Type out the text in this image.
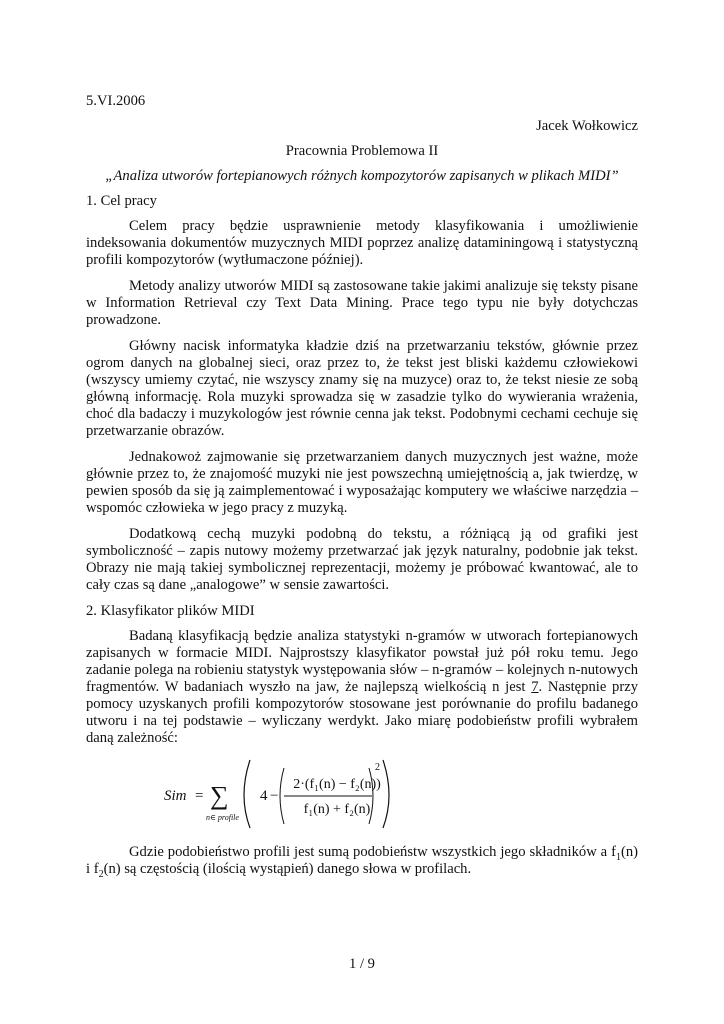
5.VI.2006
Jacek Wołkowicz
Pracownia Problemowa II
„Analiza utworów fortepianowych różnych kompozytorów zapisanych w plikach MIDI”
1. Cel pracy

Celem pracy będzie usprawnienie metody klasyfikowania i umożliwienie indeksowania dokumentów muzycznych MIDI poprzez analizę dataminingową i statystyczną profili kompozytorów (wytłumaczone później).

Metody analizy utworów MIDI są zastosowane takie jakimi analizuje się teksty pisane w Information Retrieval czy Text Data Mining. Prace tego typu nie były dotychczas prowadzone.

Główny nacisk informatyka kładzie dziś na przetwarzaniu tekstów, głównie przez ogrom danych na globalnej sieci, oraz przez to, że tekst jest bliski każdemu człowiekowi (wszyscy umiemy czytać, nie wszyscy znamy się na muzyce) oraz to, że tekst niesie ze sobą główną informację. Rola muzyki sprowadza się w zasadzie tylko do wywierania wrażenia, choć dla badaczy i muzykologów jest równie cenna jak tekst. Podobnymi cechami cechuje się przetwarzanie obrazów.

Jednakowoż zajmowanie się przetwarzaniem danych muzycznych jest ważne, może głównie przez to, że znajomość muzyki nie jest powszechną umiejętnością a, jak twierdzę, w pewien sposób da się ją zaimplementować i wyposażając komputery we właściwe narzędzia – wspomóc człowieka w jego pracy z muzyką.

Dodatkową cechą muzyki podobną do tekstu, a różniącą ją od grafiki jest symboliczność – zapis nutowy możemy przetwarzać jak język naturalny, podobnie jak tekst. Obrazy nie mają takiej symbolicznej reprezentacji, możemy je próbować kwantować, ale to cały czas są dane „analogowe” w sensie zawartości.

2. Klasyfikator plików MIDI

Badaną klasyfikacją będzie analiza statystyki n-gramów w utworach fortepianowych zapisanych w formacie MIDI. Najprostszy klasyfikator powstał już pół roku temu. Jego zadanie polega na robieniu statystyk występowania słów – n-gramów – kolejnych n-nutowych fragmentów. W badaniach wyszło na jaw, że najlepszą wielkością n jest 7. Następnie przy pomocy uzyskanych profili kompozytorów stosowane jest porównanie do profilu badanego utworu i na tej podstawie – wyliczany werdykt. Jako miarę podobieństw profili wybrałem daną zależność:

Sim = ∑
n∈ profile
4 −
2·(f₁(n) − f₂(n))
f₁(n) + f₂(n)
2

Gdzie podobieństwo profili jest sumą podobieństw wszystkich jego składników a $f_1(n)$ i $f_2(n)$ są częstością (ilością wystąpień) danego słowa w profilach.

1 / 9
